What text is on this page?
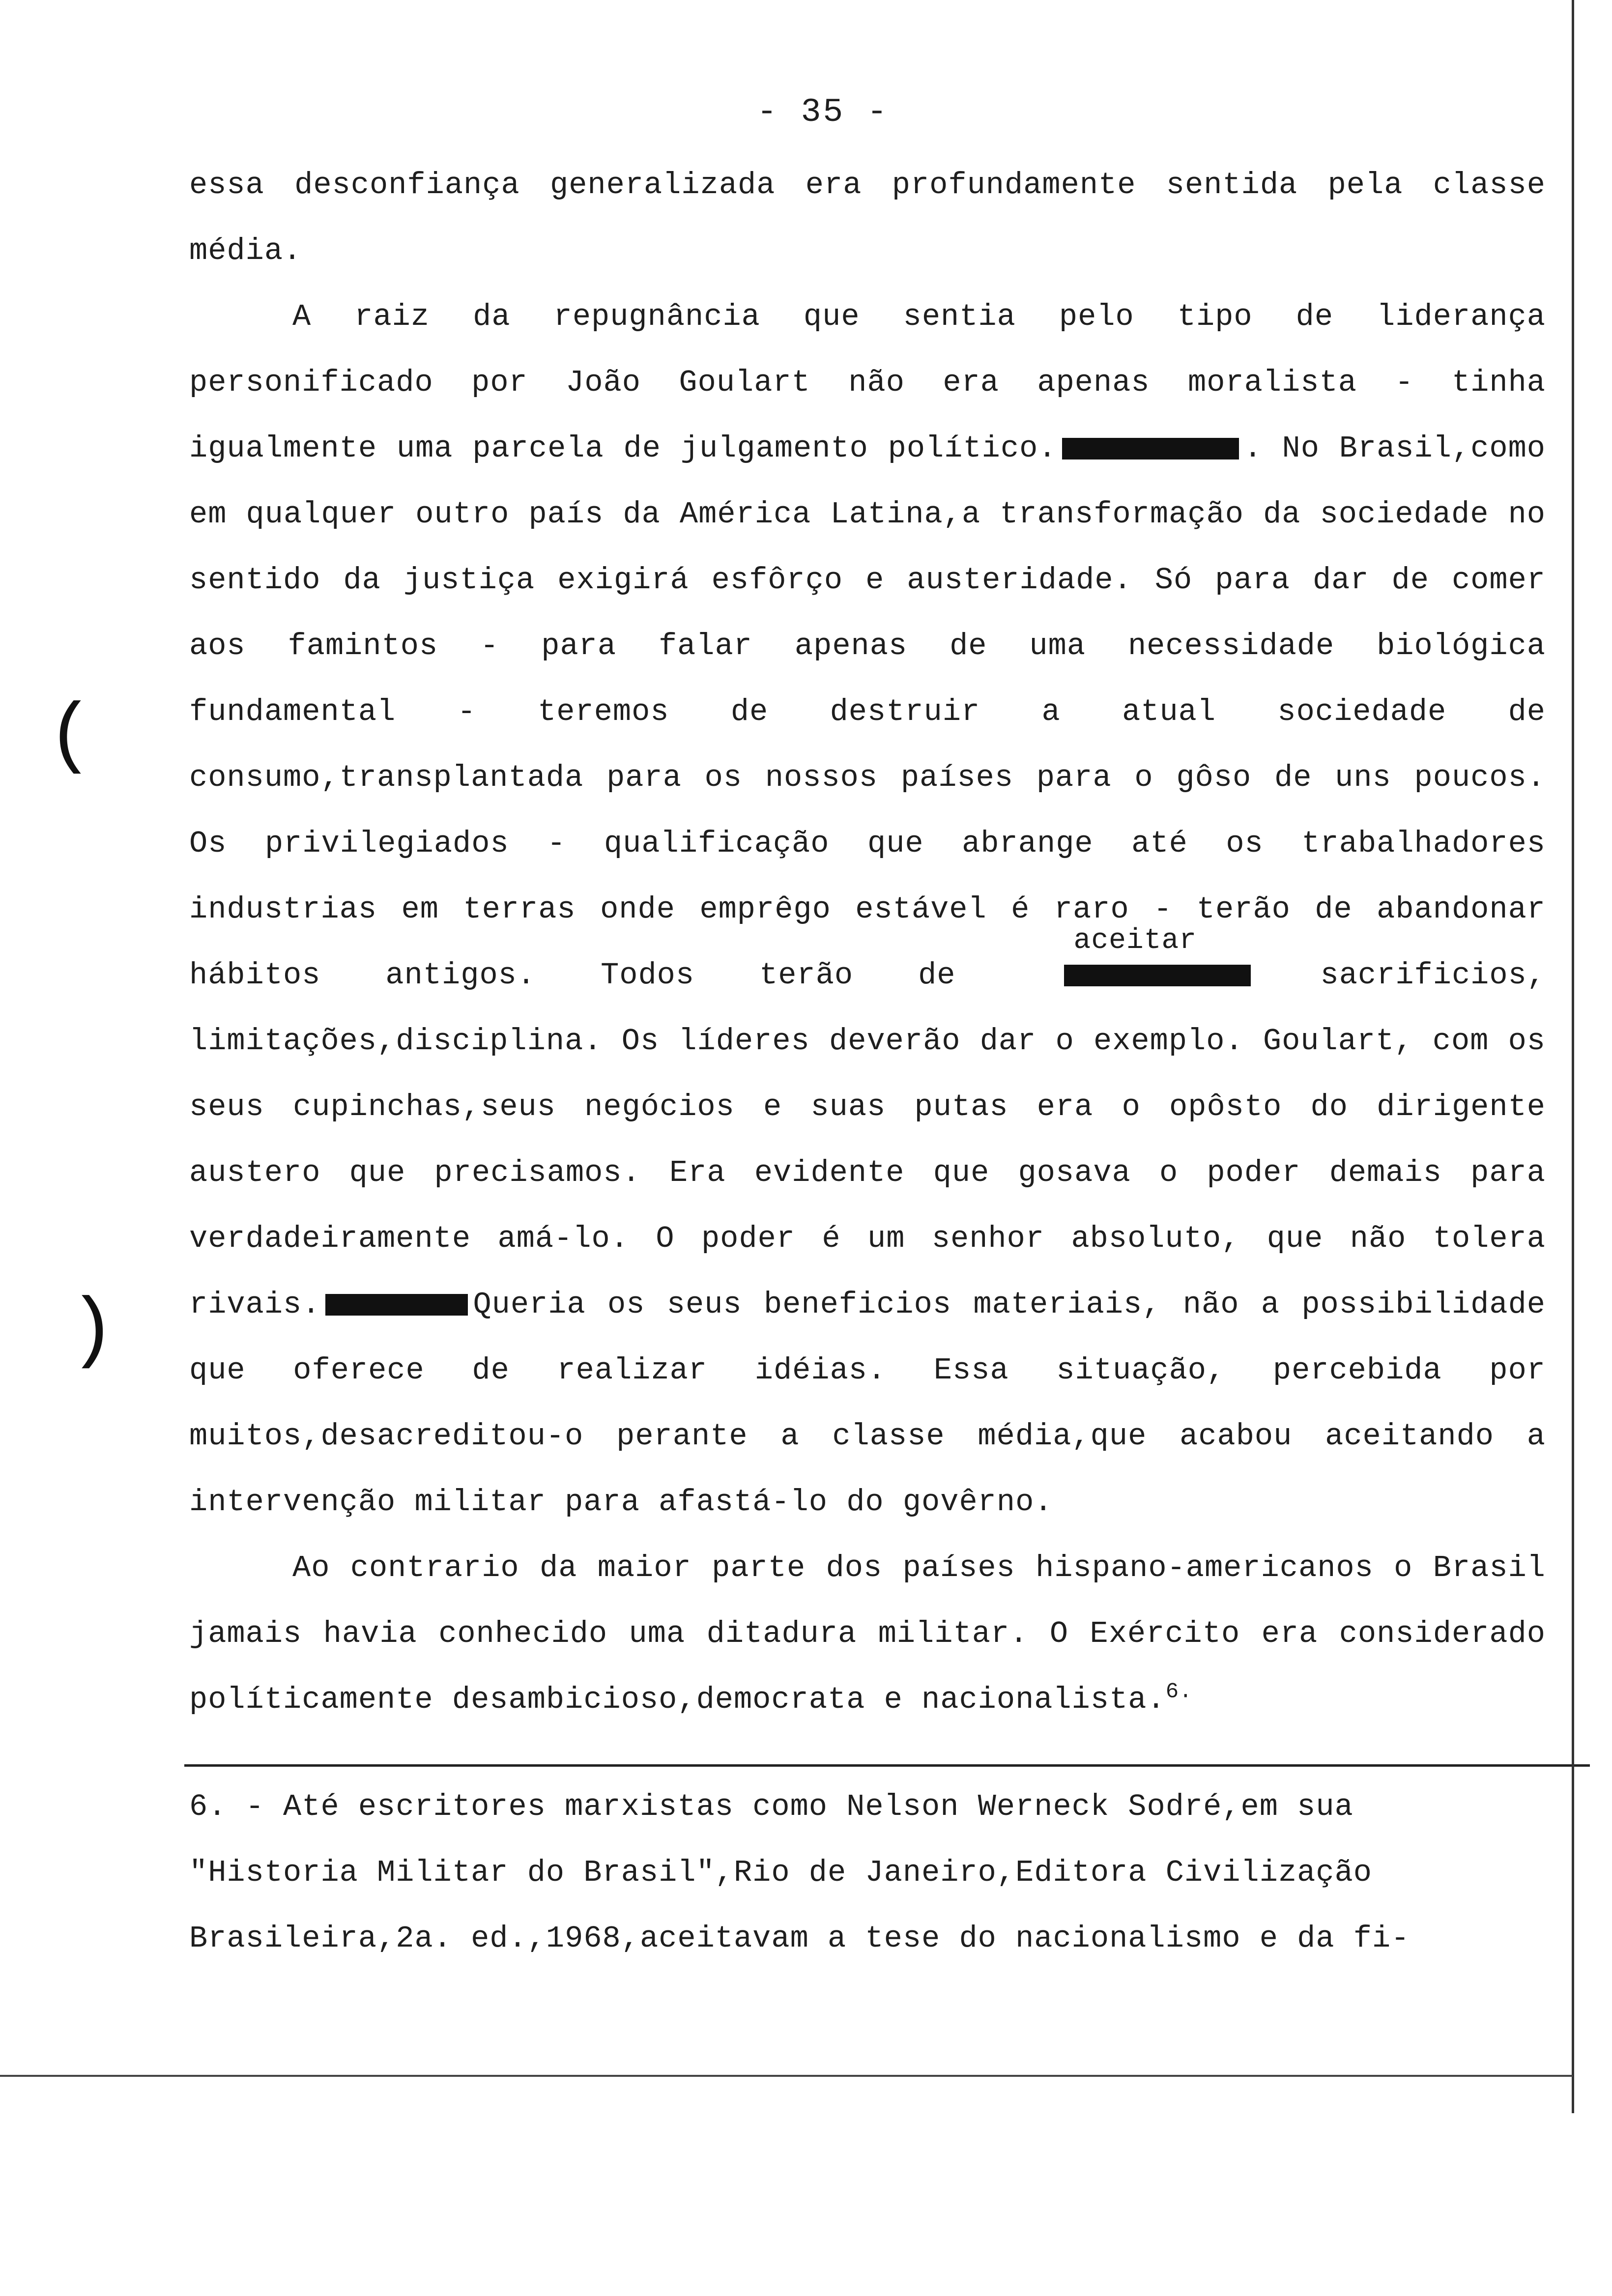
- 35 -

essa desconfiança generalizada era profundamente sentida pela classe média.

A raiz da repugnância que sentia pelo tipo de liderança personificado por João Goulart não era apenas moralista - tinha igualmente uma parcela de julgamento político.	. No Brasil,como em qualquer outro país da América Latina,a transformação da sociedade no sentido da justiça exigirá esfôrço e austeridade. Só para dar de comer aos famintos - para falar apenas de uma necessidade biológica fundamental - teremos de destruir a atual sociedade de consumo,transplantada para os nossos países para o gôso de uns poucos. Os privilegiados - qualificação que abrange até os trabalhadores industrias em terras onde emprêgo estável é raro - terão de abandonar hábitos antigos. Todos terão de
aceitar
sacrificios, limitações,disciplina. Os líderes deverão dar o exemplo. Goulart, com os seus cupinchas,seus negócios e suas putas era o opôsto do dirigente austero que precisamos. Era evidente que gosava o poder demais para verdadeiramente amá-lo. O poder é um senhor absoluto, que não tolera rivais.	Queria os seus beneficios materiais, não a possibilidade que oferece de realizar idéias. Essa situação, percebida por muitos,desacreditou-o perante a classe média,que acabou aceitando a intervenção militar para afastá-lo do govêrno.

Ao contrario da maior parte dos países hispano-americanos o Brasil jamais havia conhecido uma ditadura militar. O Exército era considerado políticamente desambicioso,democrata e nacionalista.$^{6.}$

6. - Até escritores marxistas como Nelson Werneck Sodré,em sua "Historia Militar do Brasil",Rio de Janeiro,Editora Civilização Brasileira,2a. ed.,1968,aceitavam a tese do nacionalismo e da fi-

(
)
